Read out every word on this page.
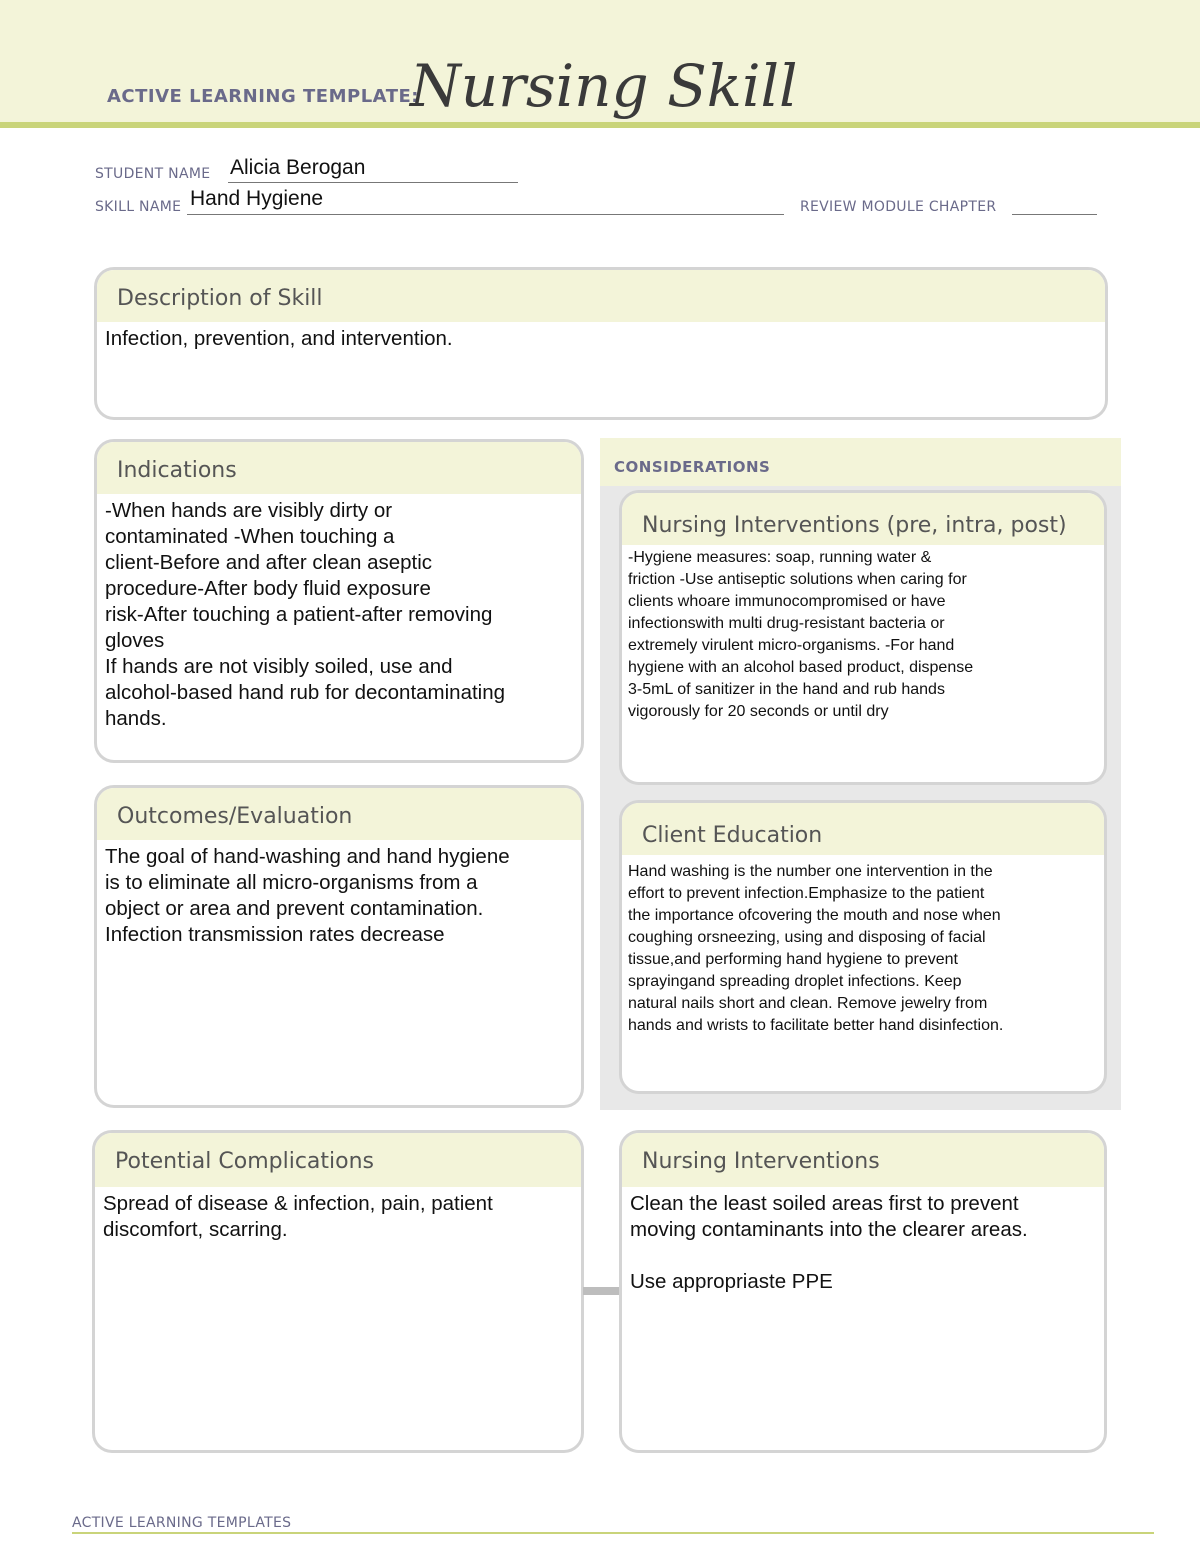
ACTIVE LEARNING TEMPLATE:
Nursing Skill
STUDENT NAME Alicia Berogan
SKILL NAME Hand Hygiene	REVIEW MODULE CHAPTER
Description of Skill
Infection, prevention, and intervention.
Indications
-When hands are visibly dirty or
contaminated -When touching a
client-Before and after clean aseptic
procedure-After body fluid exposure
risk-After touching a patient-after removing
gloves
If hands are not visibly soiled, use and
alcohol-based hand rub for decontaminating
hands.
CONSIDERATIONS
Nursing Interventions (pre, intra, post)
-Hygiene measures: soap, running water &
friction -Use antiseptic solutions when caring for
clients whoare immunocompromised or have
infectionswith multi drug-resistant bacteria or
extremely virulent micro-organisms. -For hand
hygiene with an alcohol based product, dispense
3-5mL of sanitizer in the hand and rub hands
vigorously for 20 seconds or until dry
Outcomes/Evaluation
The goal of hand-washing and hand hygiene
is to eliminate all micro-organisms from a
object or area and prevent contamination.
Infection transmission rates decrease
Client Education
Hand washing is the number one intervention in the
effort to prevent infection.Emphasize to the patient
the importance ofcovering the mouth and nose when
coughing orsneezing, using and disposing of facial
tissue,and performing hand hygiene to prevent
sprayingand spreading droplet infections. Keep
natural nails short and clean. Remove jewelry from
hands and wrists to facilitate better hand disinfection.
Potential Complications
Spread of disease & infection, pain, patient
discomfort, scarring.
Nursing Interventions
Clean the least soiled areas first to prevent
moving contaminants into the clearer areas.

Use appropriaste PPE
ACTIVE LEARNING TEMPLATES
